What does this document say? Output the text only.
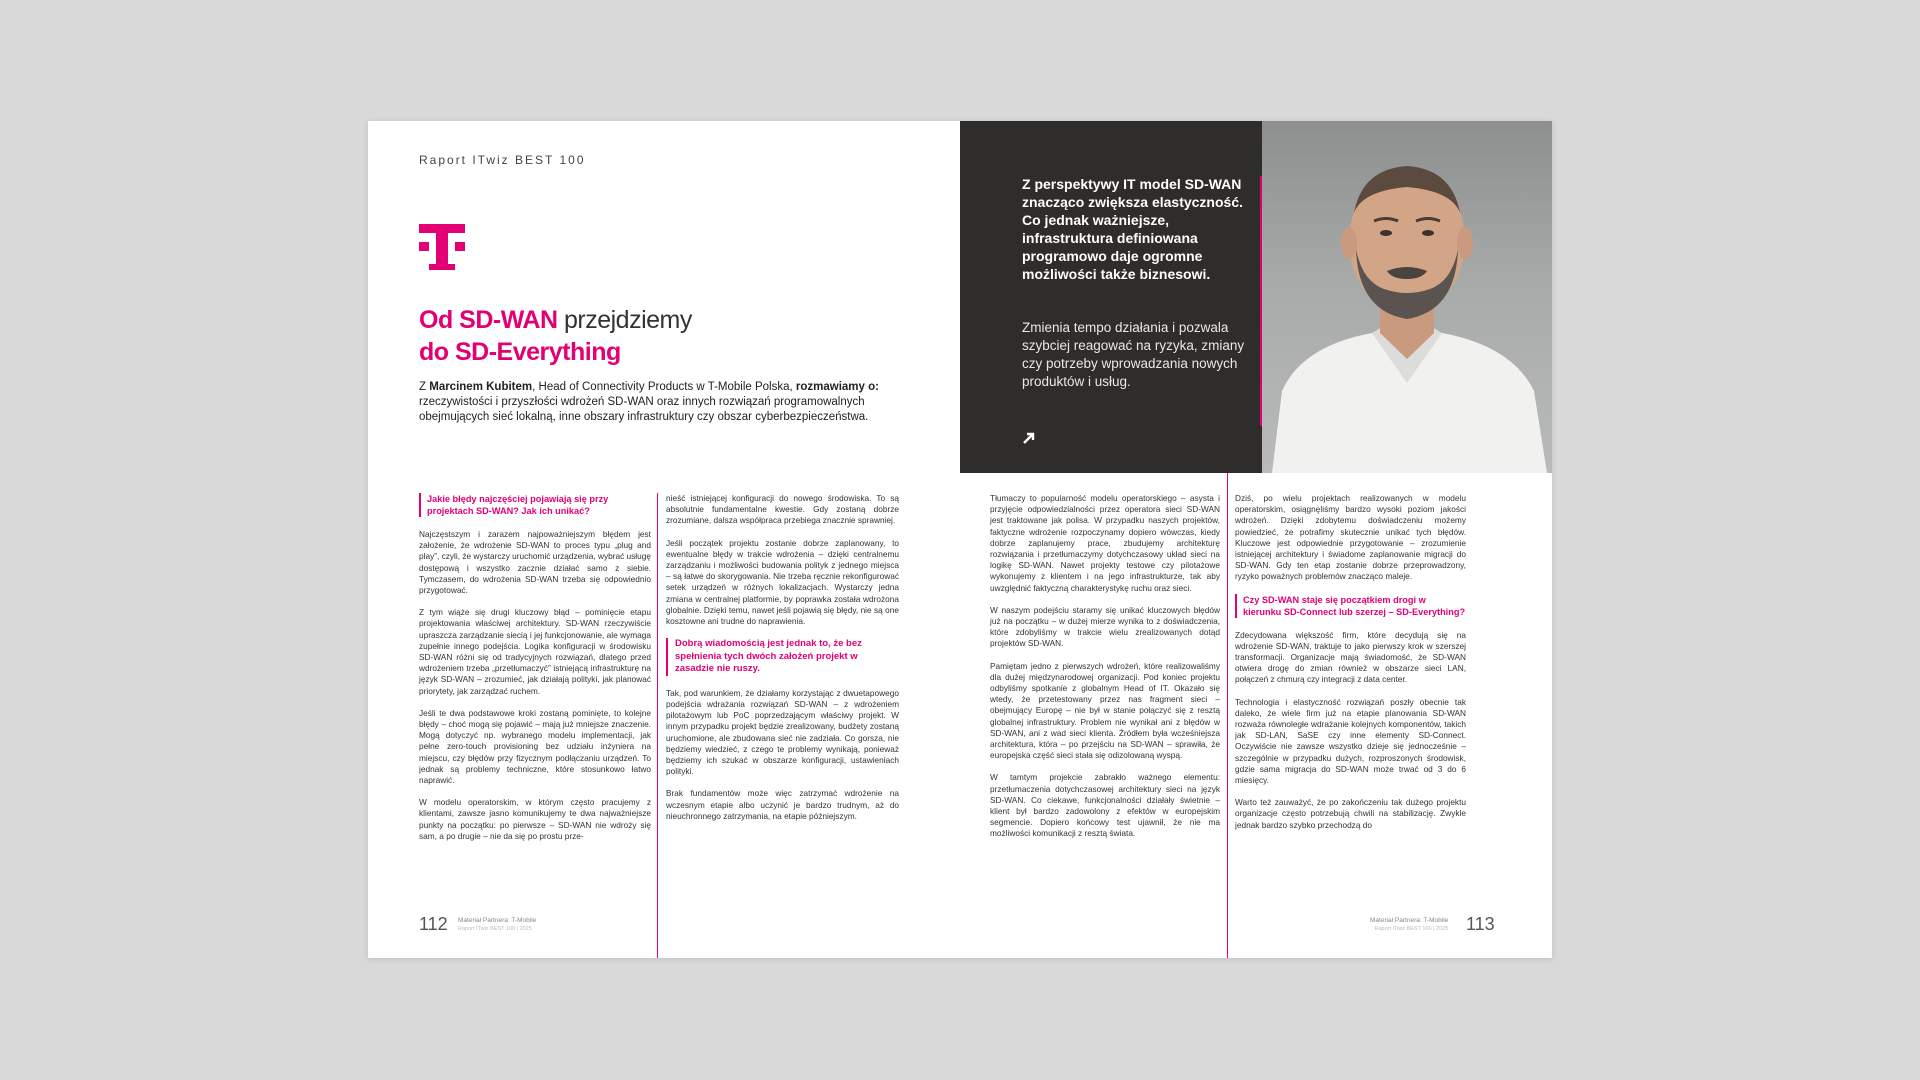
Raport ITwiz BEST 100
Od SD-WAN przejdziemy
do SD-Everything
Z Marcinem Kubitem, Head of Connectivity Products w T-Mobile Polska, rozmawiamy o: rzeczywistości i przyszłości wdrożeń SD-WAN oraz innych rozwiązań programowalnych obejmujących sieć lokalną, inne obszary infrastruktury czy obszar cyberbezpieczeństwa.
Jakie błędy najczęściej pojawiają się przy projektach SD-WAN? Jak ich unikać?

Najczęstszym i zarazem najpoważniejszym błędem jest założenie, że wdrożenie SD-WAN to proces typu „plug and play”, czyli, że wystarczy uruchomić urządzenia, wybrać usługę dostępową i wszystko zacznie działać samo z siebie. Tymczasem, do wdrożenia SD-WAN trzeba się odpowiednio przygotować.

Z tym wiąże się drugi kluczowy błąd – pominięcie etapu projektowania właściwej architektury. SD-WAN rzeczywiście upraszcza zarządzanie siecią i jej funkcjonowanie, ale wymaga zupełnie innego podejścia. Logika konfiguracji w środowisku SD-WAN różni się od tradycyjnych rozwiązań, dlatego przed wdrożeniem trzeba „przetłumaczyć” istniejącą infrastrukturę na język SD-WAN – zrozumieć, jak działają polityki, jak planować priorytety, jak zarządzać ruchem.

Jeśli te dwa podstawowe kroki zostaną pominięte, to kolejne błędy – choć mogą się pojawić – mają już mniejsze znaczenie. Mogą dotyczyć np. wybranego modelu implementacji, jak pełne zero-touch provisioning bez udziału inżyniera na miejscu, czy błędów przy fizycznym podłączaniu urządzeń. To jednak są problemy techniczne, które stosunkowo łatwo naprawić.

W modelu operatorskim, w którym często pracujemy z klientami, zawsze jasno komunikujemy te dwa najważniejsze punkty na początku: po pierwsze – SD-WAN nie wdroży się sam, a po drugie – nie da się po prostu prze-

nieść istniejącej konfiguracji do nowego środowiska. To są absolutnie fundamentalne kwestie. Gdy zostaną dobrze zrozumiane, dalsza współpraca przebiega znacznie sprawniej.

Jeśli początek projektu zostanie dobrze zaplanowany, to ewentualne błędy w trakcie wdrożenia – dzięki centralnemu zarządzaniu i możliwości budowania polityk z jednego miejsca – są łatwe do skorygowania. Nie trzeba ręcznie rekonfigurować setek urządzeń w różnych lokalizacjach. Wystarczy jedna zmiana w centralnej platformie, by poprawka została wdrożona globalnie. Dzięki temu, nawet jeśli pojawią się błędy, nie są one kosztowne ani trudne do naprawienia.

Dobrą wiadomością jest jednak to, że bez spełnienia tych dwóch założeń projekt w zasadzie nie ruszy.

Tak, pod warunkiem, że działamy korzystając z dwuetapowego podejścia wdrażania rozwiązań SD-WAN – z wdrożeniem pilotażowym lub PoC poprzedzającym właściwy projekt. W innym przypadku projekt będzie zrealizowany, budżety zostaną uruchomione, ale zbudowana sieć nie zadziała. Co gorsza, nie będziemy wiedzieć, z czego te problemy wynikają, ponieważ będziemy ich szukać w obszarze konfiguracji, ustawieniach polityki.

Brak fundamentów może więc zatrzymać wdrożenie na wczesnym etapie albo uczynić je bardzo trudnym, aż do nieuchronnego zatrzymania, na etapie późniejszym.

112 Materiał Partnera: T-Mobile
Raport ITwiz BEST 100 | 2025
Z perspektywy IT model SD-WAN znacząco zwiększa elastyczność. Co jednak ważniejsze, infrastruktura definiowana programowo daje ogromne możliwości także biznesowi.
Zmienia tempo działania i pozwala szybciej reagować na ryzyka, zmiany czy potrzeby wprowadzania nowych produktów i usług.

Tłumaczy to popularność modelu operatorskiego – asysta i przyjęcie odpowiedzialności przez operatora sieci SD-WAN jest traktowane jak polisa. W przypadku naszych projektów, faktyczne wdrożenie rozpoczynamy dopiero wówczas, kiedy dobrze zaplanujemy prace, zbudujemy architekturę rozwiązania i przetłumaczymy dotychczasowy układ sieci na logikę SD-WAN. Nawet projekty testowe czy pilotażowe wykonujemy z klientem i na jego infrastrukturze, tak aby uwzględnić faktyczną charakterystykę ruchu oraz sieci.

W naszym podejściu staramy się unikać kluczowych błędów już na początku – w dużej mierze wynika to z doświadczenia, które zdobyliśmy w trakcie wielu zrealizowanych dotąd projektów SD-WAN.

Pamiętam jedno z pierwszych wdrożeń, które realizowaliśmy dla dużej międzynarodowej organizacji. Pod koniec projektu odbyliśmy spotkanie z globalnym Head of IT. Okazało się wtedy, że przetestowany przez nas fragment sieci – obejmujący Europę – nie był w stanie połączyć się z resztą globalnej infrastruktury. Problem nie wynikał ani z błędów w SD-WAN, ani z wad sieci klienta. Źródłem była wcześniejsza architektura, która – po przejściu na SD-WAN – sprawiła, że europejska część sieci stała się odizolowaną wyspą.

W tamtym projekcie zabrakło ważnego elementu: przetłumaczenia dotychczasowej architektury sieci na język SD-WAN. Co ciekawe, funkcjonalności działały świetnie – klient był bardzo zadowolony z efektów w europejskim segmencie. Dopiero końcowy test ujawnił, że nie ma możliwości komunikacji z resztą świata.

Dziś, po wielu projektach realizowanych w modelu operatorskim, osiągnęliśmy bardzo wysoki poziom jakości wdrożeń. Dzięki zdobytemu doświadczeniu możemy powiedzieć, że potrafimy skutecznie unikać tych błędów. Kluczowe jest odpowiednie przygotowanie – zrozumienie istniejącej architektury i świadome zaplanowanie migracji do SD-WAN. Gdy ten etap zostanie dobrze przeprowadzony, ryzyko poważnych problemów znacząco maleje.

Czy SD-WAN staje się początkiem drogi w kierunku SD-Connect lub szerzej – SD-Everything?

Zdecydowana większość firm, które decydują się na wdrożenie SD-WAN, traktuje to jako pierwszy krok w szerszej transformacji. Organizacje mają świadomość, że SD-WAN otwiera drogę do zmian również w obszarze sieci LAN, połączeń z chmurą czy integracji z data center.

Technologia i elastyczność rozwiązań poszły obecnie tak daleko, że wiele firm już na etapie planowania SD-WAN rozważa równoległe wdrażanie kolejnych komponentów, takich jak SD-LAN, SaSE czy inne elementy SD-Connect. Oczywiście nie zawsze wszystko dzieje się jednocześnie – szczególnie w przypadku dużych, rozproszonych środowisk, gdzie sama migracja do SD-WAN może trwać od 3 do 6 miesięcy.

Warto też zauważyć, że po zakończeniu tak dużego projektu organizacje często potrzebują chwili na stabilizację. Zwykle jednak bardzo szybko przechodzą do

Materiał Partnera: T-Mobile
Raport ITwiz BEST 100 | 2025 113
